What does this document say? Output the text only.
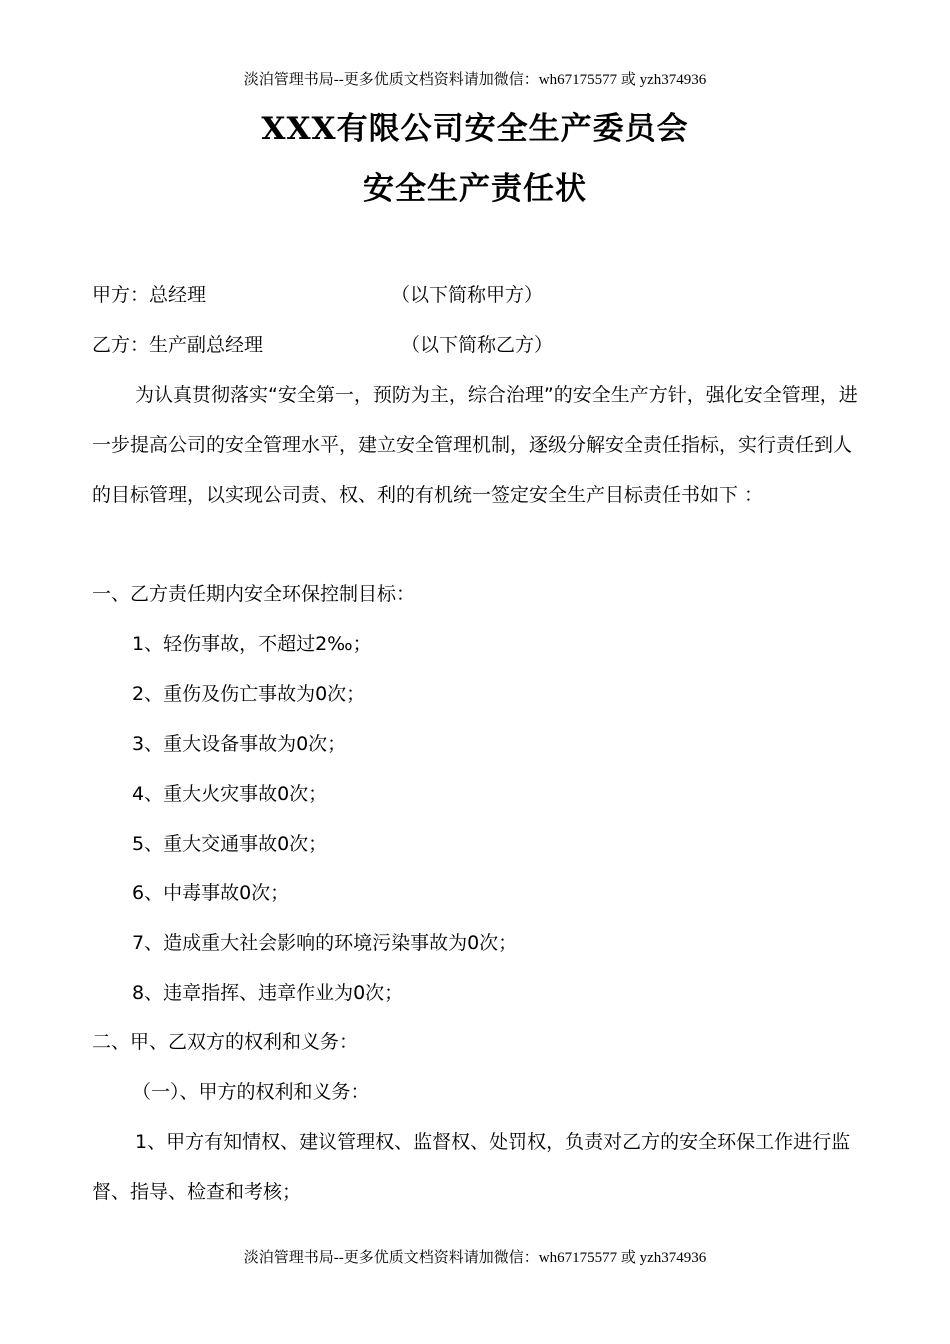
淡泊管理书局--更多优质文档资料请加微信：wh67175577 或 yzh374936
XXX有限公司安全生产委员会
安全生产责任状
甲方：总经理	（以下简称甲方）
乙方：生产副总经理	（以下简称乙方）
为认真贯彻落实“安全第一，预防为主，综合治理”的安全生产方针，强化安全管理，进一步提高公司的安全管理水平，建立安全管理机制，逐级分解安全责任指标，实行责任到人的目标管理，以实现公司责、权、利的有机统一签定安全生产目标责任书如下 ：
一、乙方责任期内安全环保控制目标：
1、轻伤事故，不超过2‰；
2、重伤及伤亡事故为0次；
3、重大设备事故为0次；
4、重大火灾事故0次；
5、重大交通事故0次；
6、中毒事故0次；
7、造成重大社会影响的环境污染事故为0次；
8、违章指挥、违章作业为0次；
二、甲、乙双方的权利和义务：
（一）、甲方的权利和义务：
1、甲方有知情权、建议管理权、监督权、处罚权，负责对乙方的安全环保工作进行监督、指导、检查和考核；
淡泊管理书局--更多优质文档资料请加微信：wh67175577 或 yzh374936
